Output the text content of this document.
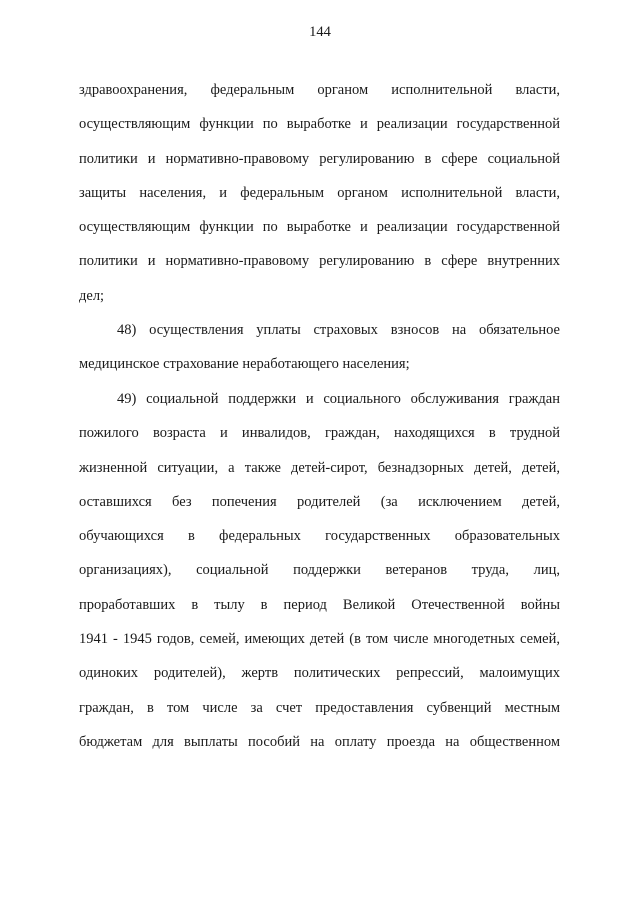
144
здравоохранения, федеральным органом исполнительной власти,
осуществляющим функции по выработке и реализации государственной
политики и нормативно-правовому регулированию в сфере социальной
защиты населения, и федеральным органом исполнительной власти,
осуществляющим функции по выработке и реализации государственной
политики и нормативно-правовому регулированию в сфере внутренних
дел;
48) осуществления уплаты страховых взносов на обязательное
медицинское страхование неработающего населения;
49) социальной поддержки и социального обслуживания граждан
пожилого возраста и инвалидов, граждан, находящихся в трудной
жизненной ситуации, а также детей-сирот, безнадзорных детей, детей,
оставшихся без попечения родителей (за исключением детей,
обучающихся в федеральных государственных образовательных
организациях), социальной поддержки ветеранов труда, лиц,
проработавших в тылу в период Великой Отечественной войны
1941 - 1945 годов, семей, имеющих детей (в том числе многодетных семей,
одиноких родителей), жертв политических репрессий, малоимущих
граждан, в том числе за счет предоставления субвенций местным
бюджетам для выплаты пособий на оплату проезда на общественном
